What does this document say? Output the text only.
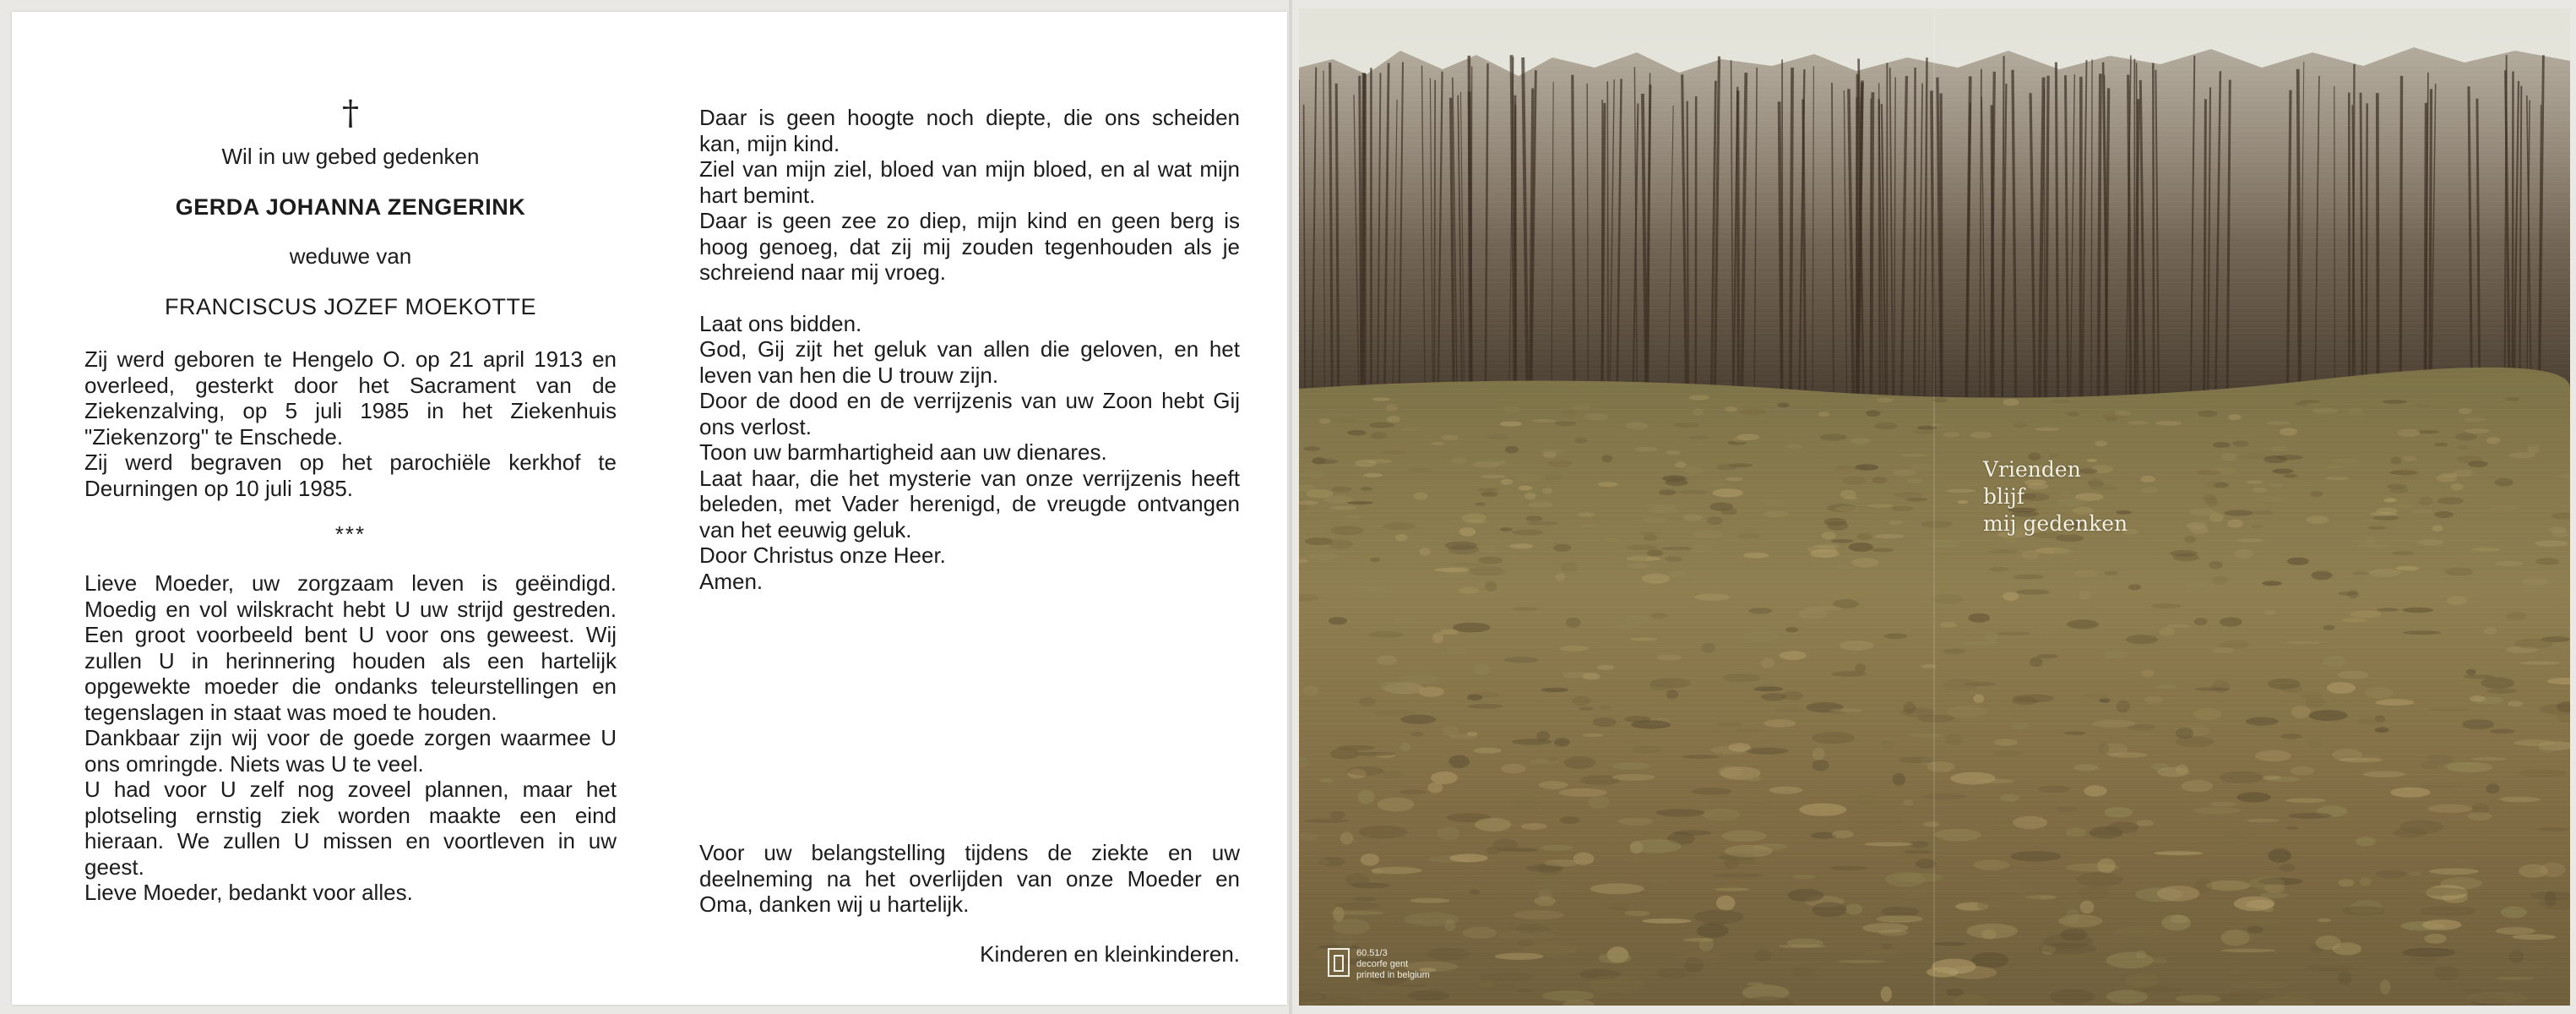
†
Wil in uw gebed gedenken
GERDA JOHANNA ZENGERINK
weduwe van
FRANCISCUS JOZEF MOEKOTTE

Zij werd geboren te Hengelo O. op 21 april 1913 en overleed, gesterkt door het Sacrament van de Ziekenzalving, op 5 juli 1985 in het Ziekenhuis "Ziekenzorg" te Enschede.

Zij werd begraven op het parochiële kerkhof te Deurningen op 10 juli 1985.

***

Lieve Moeder, uw zorgzaam leven is geëindigd. Moedig en vol wilskracht hebt U uw strijd gestreden. Een groot voorbeeld bent U voor ons geweest. Wij zullen U in herinnering houden als een hartelijk opgewekte moeder die ondanks teleurstellingen en tegenslagen in staat was moed te houden.

Dankbaar zijn wij voor de goede zorgen waarmee U ons omringde. Niets was U te veel.

U had voor U zelf nog zoveel plannen, maar het plotseling ernstig ziek worden maakte een eind hieraan. We zullen U missen en voortleven in uw geest.

Lieve Moeder, bedankt voor alles.

Daar is geen hoogte noch diepte, die ons scheiden kan, mijn kind.

Ziel van mijn ziel, bloed van mijn bloed, en al wat mijn hart bemint.

Daar is geen zee zo diep, mijn kind en geen berg is hoog genoeg, dat zij mij zouden tegenhouden als je schreiend naar mij vroeg.

Laat ons bidden.

God, Gij zijt het geluk van allen die geloven, en het leven van hen die U trouw zijn.

Door de dood en de verrijzenis van uw Zoon hebt Gij ons verlost.

Toon uw barmhartigheid aan uw dienares.

Laat haar, die het mysterie van onze verrijzenis heeft beleden, met Vader herenigd, de vreugde ontvangen van het eeuwig geluk.

Door Christus onze Heer.

Amen.

Voor uw belangstelling tijdens de ziekte en uw deelneming na het overlijden van onze Moeder en Oma, danken wij u hartelijk.

Kinderen en kleinkinderen.
Vrienden
blijf
mij gedenken
60.51/3
decorfe gent
printed in belgium
